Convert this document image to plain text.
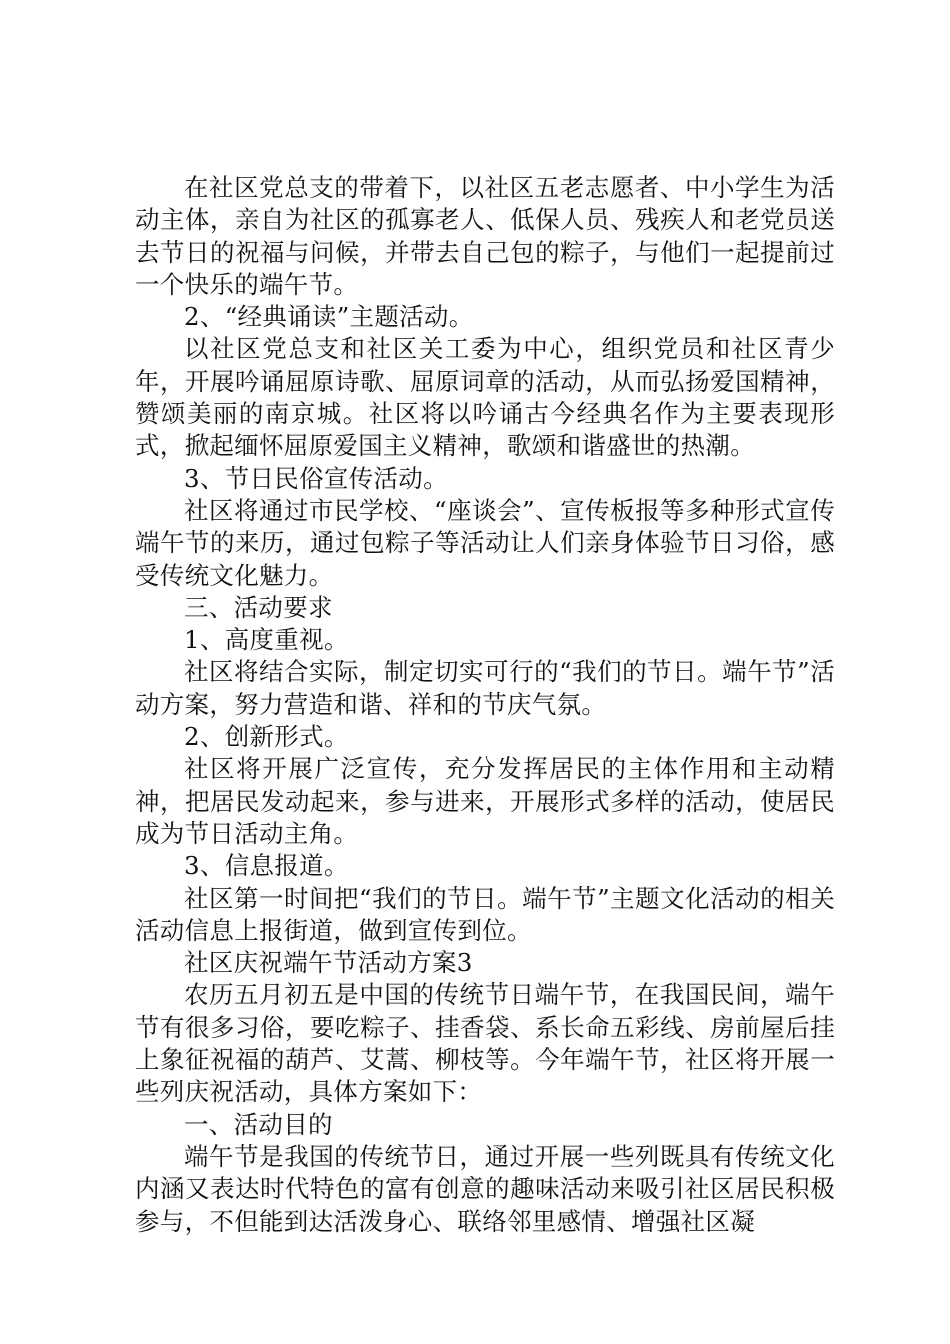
在社区党总支的带着下，以社区五老志愿者、中小学生为活动主体，亲自为社区的孤寡老人、低保人员、残疾人和老党员送去节日的祝福与问候，并带去自己包的粽子，与他们一起提前过一个快乐的端午节。

2、“经典诵读”主题活动。

以社区党总支和社区关工委为中心，组织党员和社区青少年，开展吟诵屈原诗歌、屈原词章的活动，从而弘扬爱国精神，赞颂美丽的南京城。社区将以吟诵古今经典名作为主要表现形式，掀起缅怀屈原爱国主义精神，歌颂和谐盛世的热潮。

3、节日民俗宣传活动。

社区将通过市民学校、“座谈会”、宣传板报等多种形式宣传端午节的来历，通过包粽子等活动让人们亲身体验节日习俗，感受传统文化魅力。

三、活动要求

1、高度重视。

社区将结合实际，制定切实可行的“我们的节日。端午节”活动方案，努力营造和谐、祥和的节庆气氛。

2、创新形式。

社区将开展广泛宣传，充分发挥居民的主体作用和主动精神，把居民发动起来，参与进来，开展形式多样的活动，使居民成为节日活动主角。

3、信息报道。

社区第一时间把“我们的节日。端午节”主题文化活动的相关活动信息上报街道，做到宣传到位。

社区庆祝端午节活动方案3

农历五月初五是中国的传统节日端午节，在我国民间，端午节有很多习俗，要吃粽子、挂香袋、系长命五彩线、房前屋后挂上象征祝福的葫芦、艾蒿、柳枝等。今年端午节，社区将开展一些列庆祝活动，具体方案如下：

一、活动目的

端午节是我国的传统节日，通过开展一些列既具有传统文化内涵又表达时代特色的富有创意的趣味活动来吸引社区居民积极参与，不但能到达活泼身心、联络邻里感情、增强社区凝
